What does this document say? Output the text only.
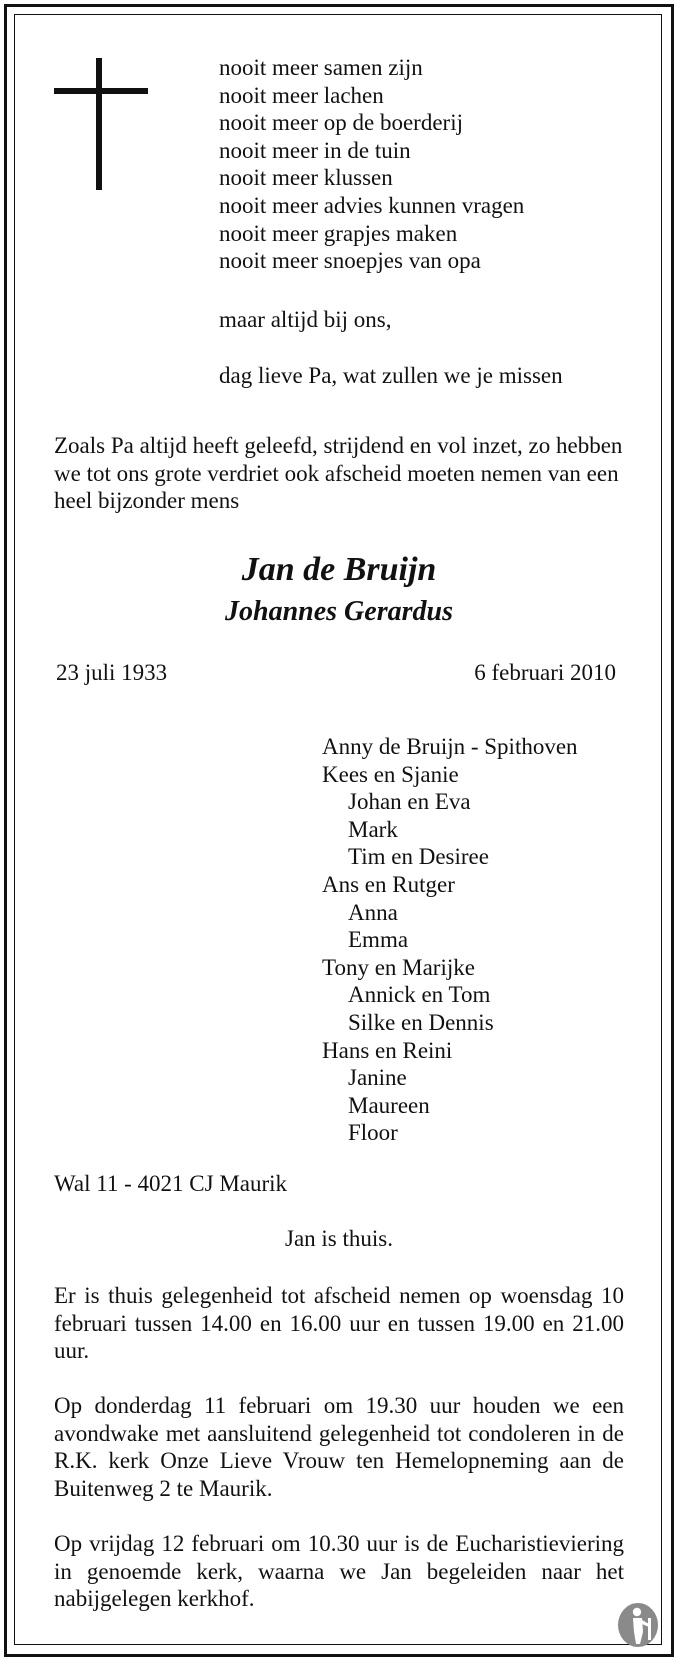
nooit meer samen zijn
nooit meer lachen
nooit meer op de boerderij
nooit meer in de tuin
nooit meer klussen
nooit meer advies kunnen vragen
nooit meer grapjes maken
nooit meer snoepjes van opa
maar altijd bij ons,
dag lieve Pa, wat zullen we je missen
Zoals Pa altijd heeft geleefd, strijdend en vol inzet, zo hebben we tot ons grote verdriet ook afscheid moeten nemen van een heel bijzonder mens
Jan de Bruijn
Johannes Gerardus
23 juli 1933	6 februari 2010
Anny de Bruijn - Spithoven
Kees en Sjanie
Johan en Eva
Mark
Tim en Desiree
Ans en Rutger
Anna
Emma
Tony en Marijke
Annick en Tom
Silke en Dennis
Hans en Reini
Janine
Maureen
Floor
Wal 11 - 4021 CJ Maurik
Jan is thuis.
Er is thuis gelegenheid tot afscheid nemen op woensdag 10 februari tussen 14.00 en 16.00 uur en tussen 19.00 en 21.00 uur.
Op donderdag 11 februari om 19.30 uur houden we een avondwake met aansluitend gelegenheid tot condoleren in de R.K. kerk Onze Lieve Vrouw ten Hemelopneming aan de Buitenweg 2 te Maurik.
Op vrijdag 12 februari om 10.30 uur is de Eucharistieviering in genoemde kerk, waarna we Jan begeleiden naar het nabijgelegen kerkhof.
